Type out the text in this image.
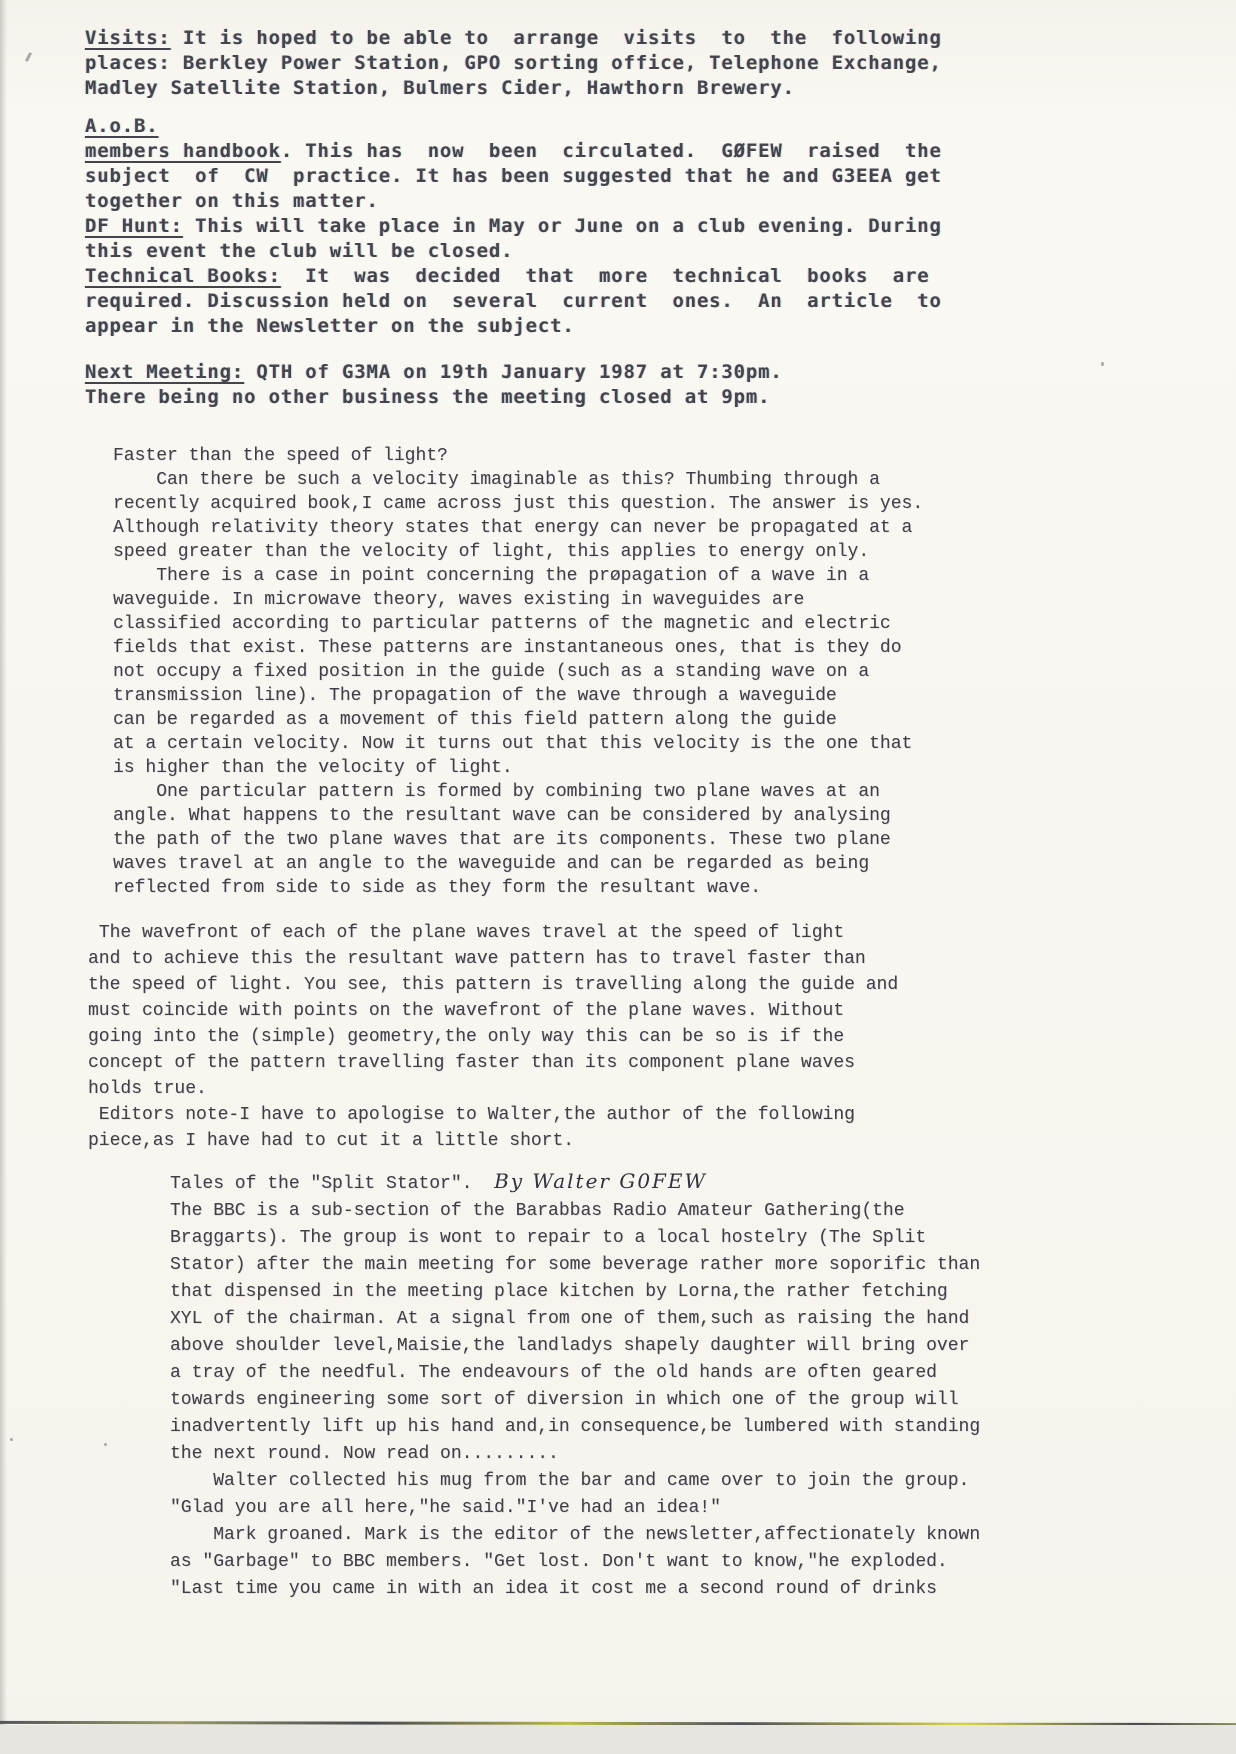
Visits: It is hoped to be able to  arrange  visits  to  the  following
places: Berkley Power Station, GPO sorting office, Telephone Exchange,
Madley Satellite Station, Bulmers Cider, Hawthorn Brewery.
A.o.B.
members handbook. This has  now  been  circulated.  GØFEW  raised  the
subject  of  CW  practice. It has been suggested that he and G3EEA get
together on this matter.
DF Hunt: This will take place in May or June on a club evening. During
this event the club will be closed.
Technical Books:  It  was  decided  that  more  technical  books  are
required. Discussion held on  several  current  ones.  An  article  to
appear in the Newsletter on the subject.
Next Meeting: QTH of G3MA on 19th January 1987 at 7:30pm.
There being no other business the meeting closed at 9pm.
Faster than the speed of light?
Can there be such a velocity imaginable as this? Thumbing through a
recently acquired book,I came across just this question. The answer is yes.
Although relativity theory states that energy can never be propagated at a
speed greater than the velocity of light, this applies to energy only.
There is a case in point concerning the prøpagation of a wave in a
waveguide. In microwave theory, waves existing in waveguides are
classified according to particular patterns of the magnetic and electric
fields that exist. These patterns are instantaneous ones, that is they do
not occupy a fixed position in the guide (such as a standing wave on a
transmission line). The propagation of the wave through a waveguide
can be regarded as a movement of this field pattern along the guide
at a certain velocity. Now it turns out that this velocity is the one that
is higher than the velocity of light.
One particular pattern is formed by combining two plane waves at an
angle. What happens to the resultant wave can be considered by analysing
the path of the two plane waves that are its components. These two plane
waves travel at an angle to the waveguide and can be regarded as being
reflected from side to side as they form the resultant wave.
The wavefront of each of the plane waves travel at the speed of light
and to achieve this the resultant wave pattern has to travel faster than
the speed of light. You see, this pattern is travelling along the guide and
must coincide with points on the wavefront of the plane waves. Without
going into the (simple) geometry,the only way this can be so is if the
concept of the pattern travelling faster than its component plane waves
holds true.
Editors note-I have to apologise to Walter,the author of the following
piece,as I have had to cut it a little short.
Tales of the "Split Stator".  By Walter G0FEW
The BBC is a sub-section of the Barabbas Radio Amateur Gathering(the
Braggarts). The group is wont to repair to a local hostelry (The Split
Stator) after the main meeting for some beverage rather more soporific than
that dispensed in the meeting place kitchen by Lorna,the rather fetching
XYL of the chairman. At a signal from one of them,such as raising the hand
above shoulder level,Maisie,the landladys shapely daughter will bring over
a tray of the needful. The endeavours of the old hands are often geared
towards engineering some sort of diversion in which one of the group will
inadvertently lift up his hand and,in consequence,be lumbered with standing
the next round. Now read on.........
Walter collected his mug from the bar and came over to join the group.
"Glad you are all here,"he said."I've had an idea!"
Mark groaned. Mark is the editor of the newsletter,affectionately known
as "Garbage" to BBC members. "Get lost. Don't want to know,"he exploded.
"Last time you came in with an idea it cost me a second round of drinks
